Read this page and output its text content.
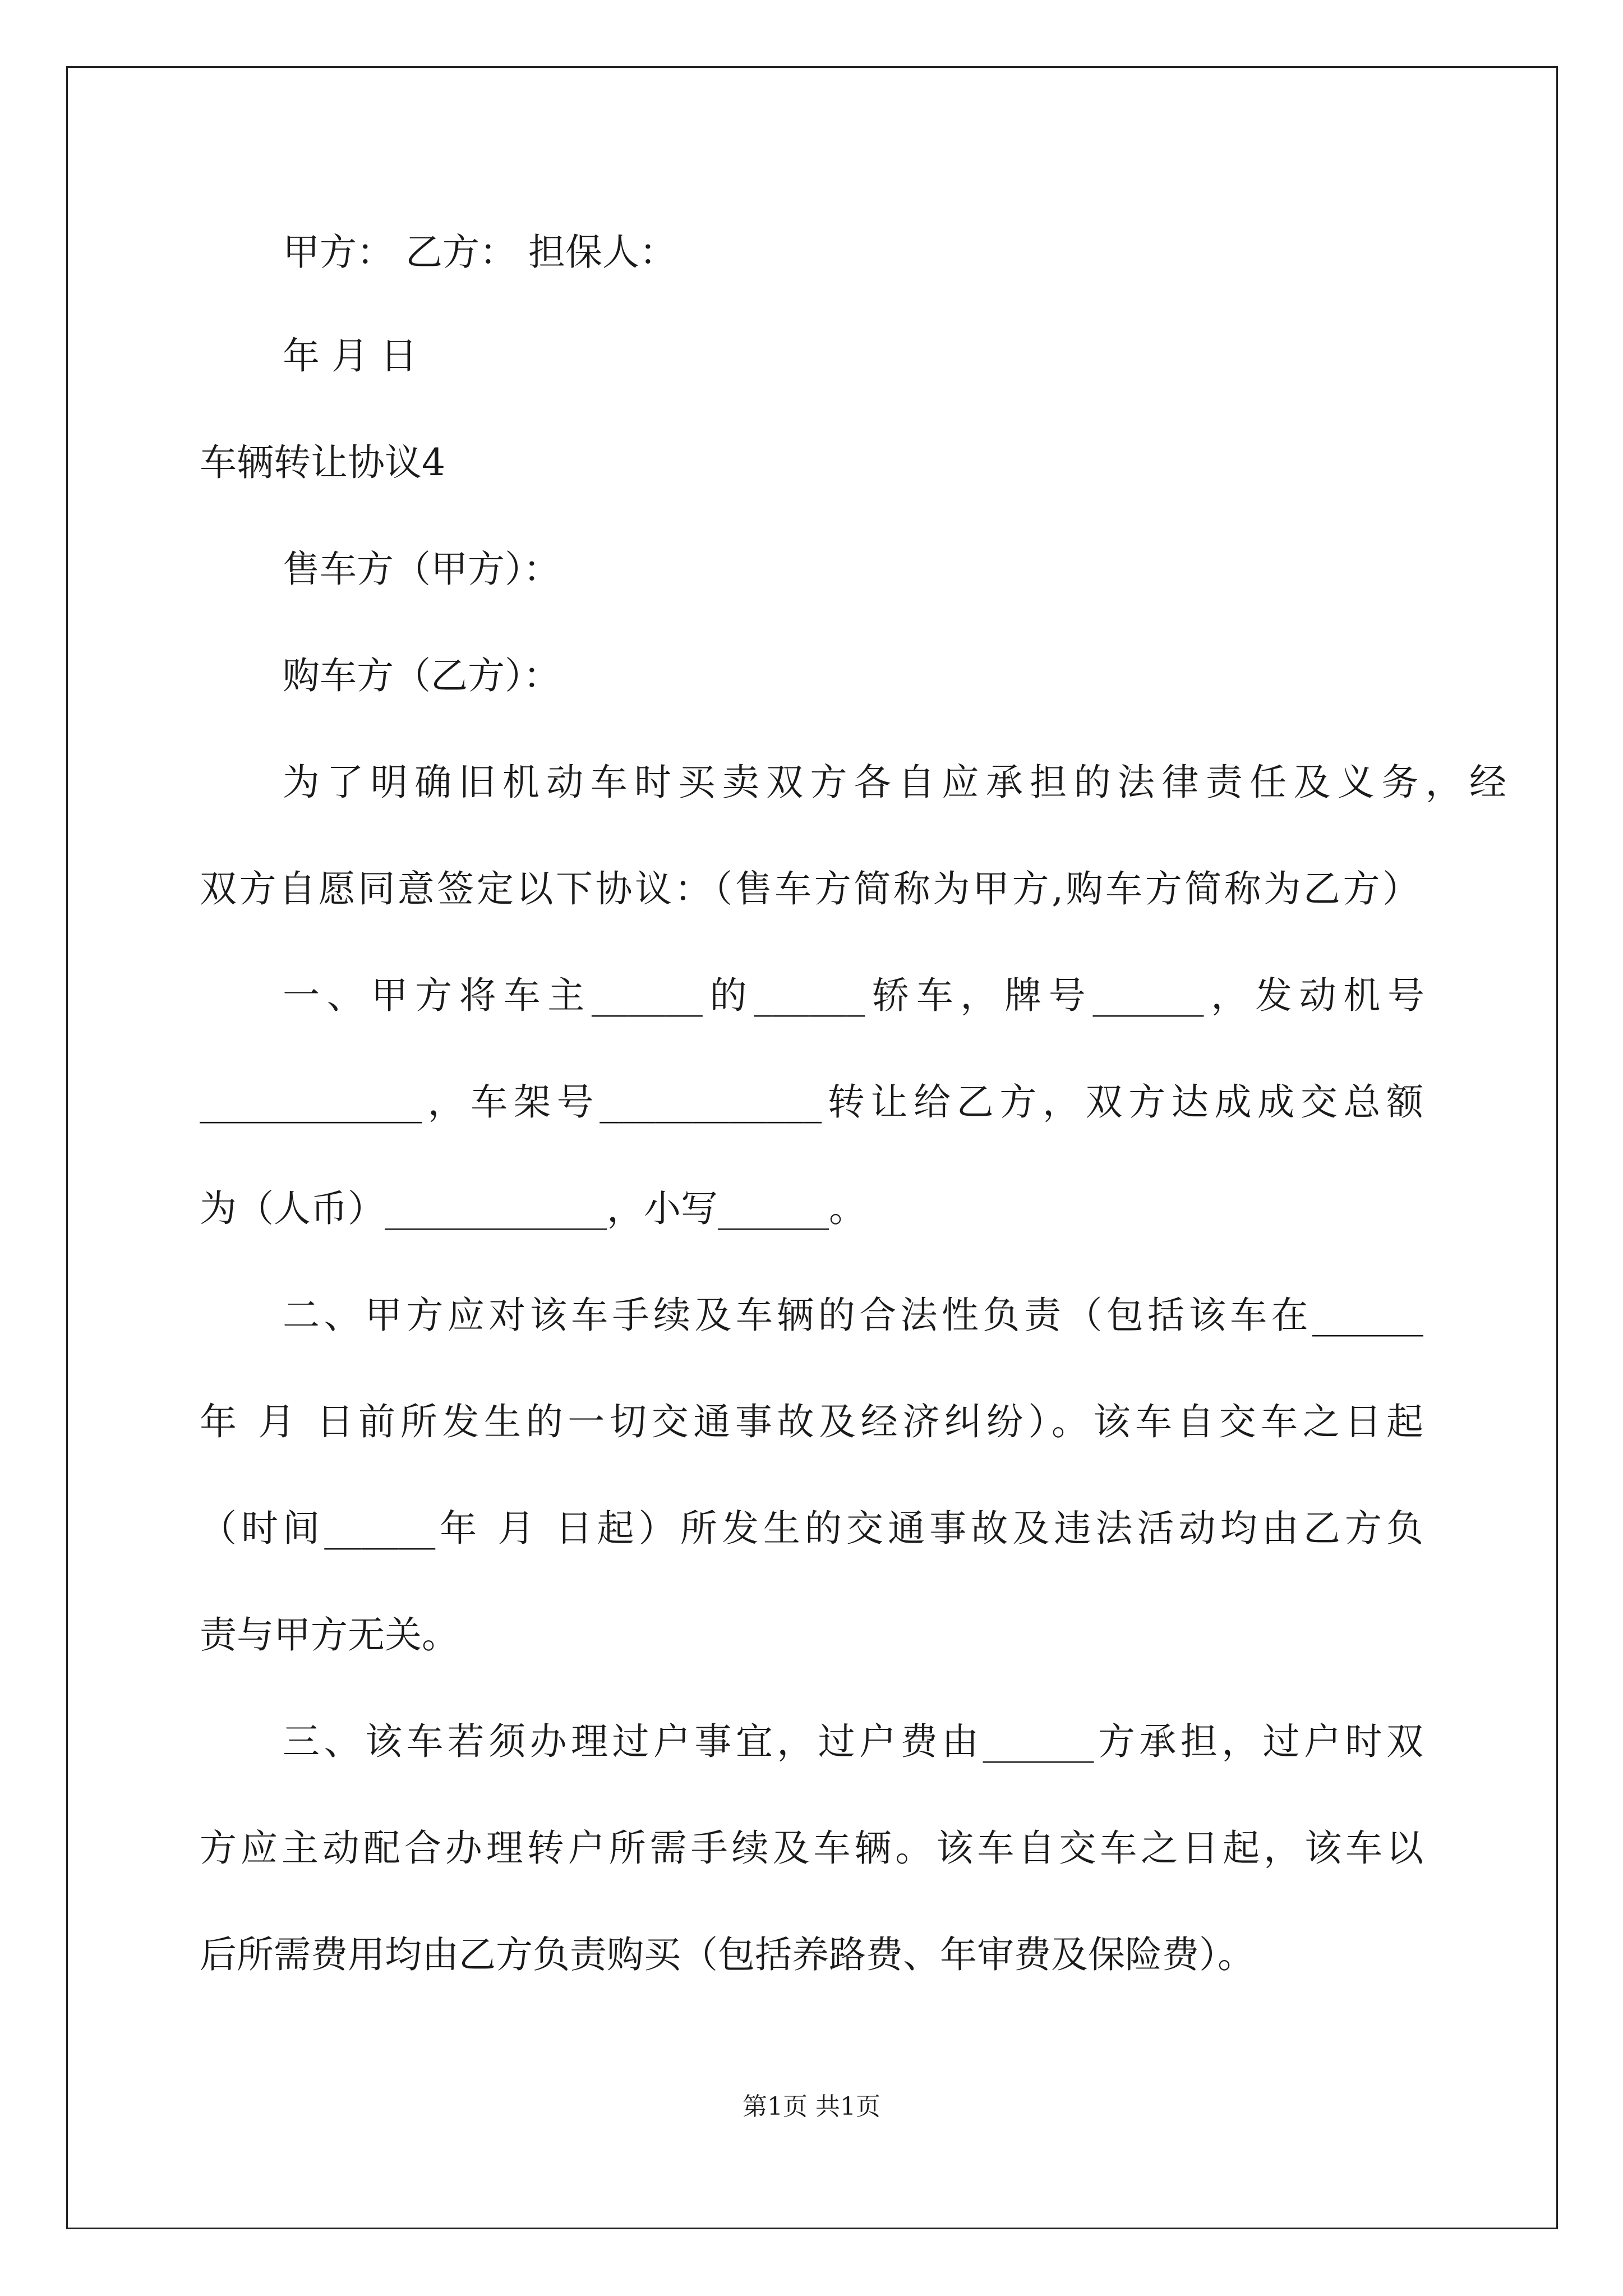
甲方： 乙方： 担保人：
年 月 日
车辆转让协议4
售车方（甲方）：
购车方（乙方）：
为了明确旧机动车时买卖双方各自应承担的法律责任及义务，经
双方自愿同意签定以下协议：（售车方简称为甲方,购车方简称为乙方）
一、甲方将车主______的______轿车，牌号______，发动机号
____________，车架号____________转让给乙方，双方达成成交总额
为（人币）____________，小写______。
二、甲方应对该车手续及车辆的合法性负责（包括该车在______
年 月 日前所发生的一切交通事故及经济纠纷）。该车自交车之日起
（时间______年 月 日起）所发生的交通事故及违法活动均由乙方负
责与甲方无关。
三、该车若须办理过户事宜，过户费由______方承担，过户时双
方应主动配合办理转户所需手续及车辆。该车自交车之日起，该车以
后所需费用均由乙方负责购买（包括养路费、年审费及保险费）。
第1页 共1页
